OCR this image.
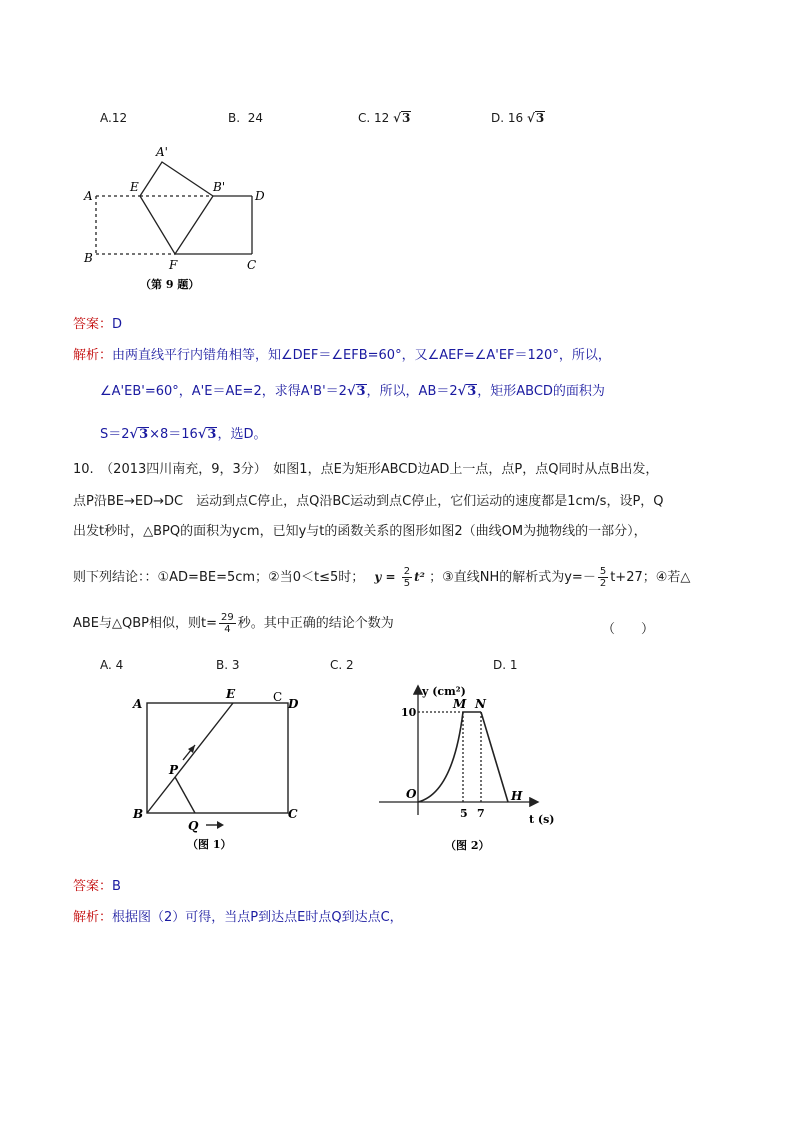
A.12	B. 24	C. 12 √3	D. 16 √3
A'
A
E	B'
D
B	F	C
（第 9 题）
答案：D
解析：由两直线平行内错角相等，知∠DEF＝∠EFB=60°，又∠AEF=∠A'EF＝120°，所以，
∠A'EB'=60°，A'E＝AE=2，求得A'B'＝2√3，所以，AB＝2√3，矩形ABCD的面积为
S＝2√3×8＝16√3，选D。
10.　（2013四川南充，9，3分）　如图1，点E为矩形ABCD边AD上一点，点P，点Q同时从点B出发，
点P沿BE→ED→DC　运动到点C停止，点Q沿BC运动到点C停止，它们运动的速度都是1cm/s，设P，Q
出发t秒时，△BPQ的面积为ycm，已知y与t的函数关系的图形如图2（曲线OM为抛物线的一部分），
则下列结论：：①AD=BE=5cm；②当0＜t≤5时； $y = \frac{2}{5} t^2$ ；③直线NH的解析式为$y=- \frac{5}{2} t+27$；④若△
ABE与△QBP相似，则$t= \frac{29}{4}$ 秒。其中正确的结论个数为	（　　）
A. 4	B. 3	C. 2	D. 1
A
E	C D
P
B
Q
C
（图 1）
y (cm²)
t (s)
10
5 7
O
M N
H
（图 2）
答案：B
解析：根据图（2）可得，当点P到达点E时点Q到达点C，
